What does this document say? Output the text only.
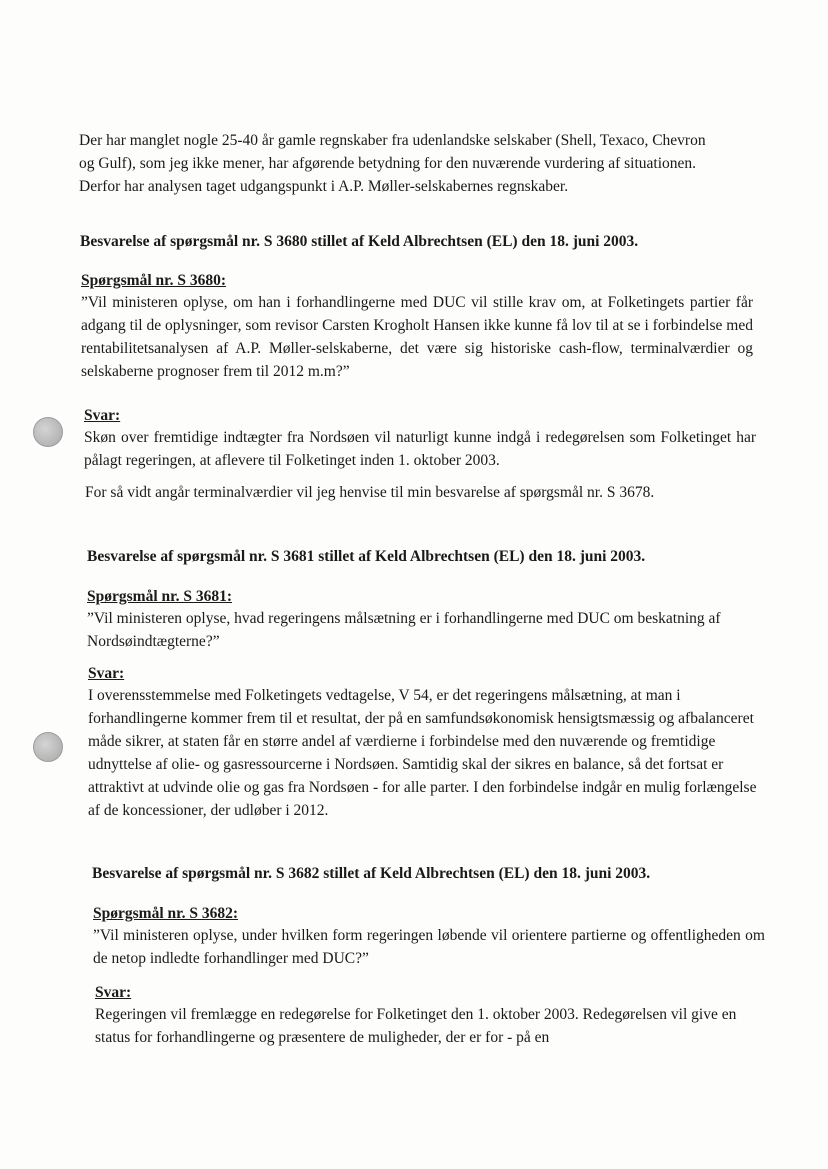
Der har manglet nogle 25-40 år gamle regnskaber fra udenlandske selskaber (Shell, Texaco, Chevron og Gulf), som jeg ikke mener, har afgørende betydning for den nuværende vurdering af situationen. Derfor har analysen taget udgangspunkt i A.P. Møller-selskabernes regnskaber.
Besvarelse af spørgsmål nr. S 3680 stillet af Keld Albrechtsen (EL) den 18. juni 2003.
Spørgsmål nr. S 3680:
”Vil ministeren oplyse, om han i forhandlingerne med DUC vil stille krav om, at Folketingets partier får adgang til de oplysninger, som revisor Carsten Krogholt Hansen ikke kunne få lov til at se i forbindelse med rentabilitetsanalysen af A.P. Møller-selskaberne, det være sig historiske cash-flow, terminalværdier og selskaberne prognoser frem til 2012 m.m?”
Svar:
Skøn over fremtidige indtægter fra Nordsøen vil naturligt kunne indgå i redegørelsen som Folketinget har pålagt regeringen, at aflevere til Folketinget inden 1. oktober 2003.
For så vidt angår terminalværdier vil jeg henvise til min besvarelse af spørgsmål nr. S 3678.
Besvarelse af spørgsmål nr. S 3681 stillet af Keld Albrechtsen (EL) den 18. juni 2003.
Spørgsmål nr. S 3681:
”Vil ministeren oplyse, hvad regeringens målsætning er i forhandlingerne med DUC om beskatning af Nordsøindtægterne?”
Svar:
I overensstemmelse med Folketingets vedtagelse, V 54, er det regeringens målsætning, at man i forhandlingerne kommer frem til et resultat, der på en samfundsøkonomisk hensigtsmæssig og afbalanceret måde sikrer, at staten får en større andel af værdierne i forbindelse med den nuværende og fremtidige udnyttelse af olie- og gasressourcerne i Nordsøen. Samtidig skal der sikres en balance, så det fortsat er attraktivt at udvinde olie og gas fra Nordsøen - for alle parter. I den forbindelse indgår en mulig forlængelse af de koncessioner, der udløber i 2012.
Besvarelse af spørgsmål nr. S 3682 stillet af Keld Albrechtsen (EL) den 18. juni 2003.
Spørgsmål nr. S 3682:
”Vil ministeren oplyse, under hvilken form regeringen løbende vil orientere partierne og offentligheden om de netop indledte forhandlinger med DUC?”
Svar:
Regeringen vil fremlægge en redegørelse for Folketinget den 1. oktober 2003. Redegørelsen vil give en status for forhandlingerne og præsentere de muligheder, der er for - på en
